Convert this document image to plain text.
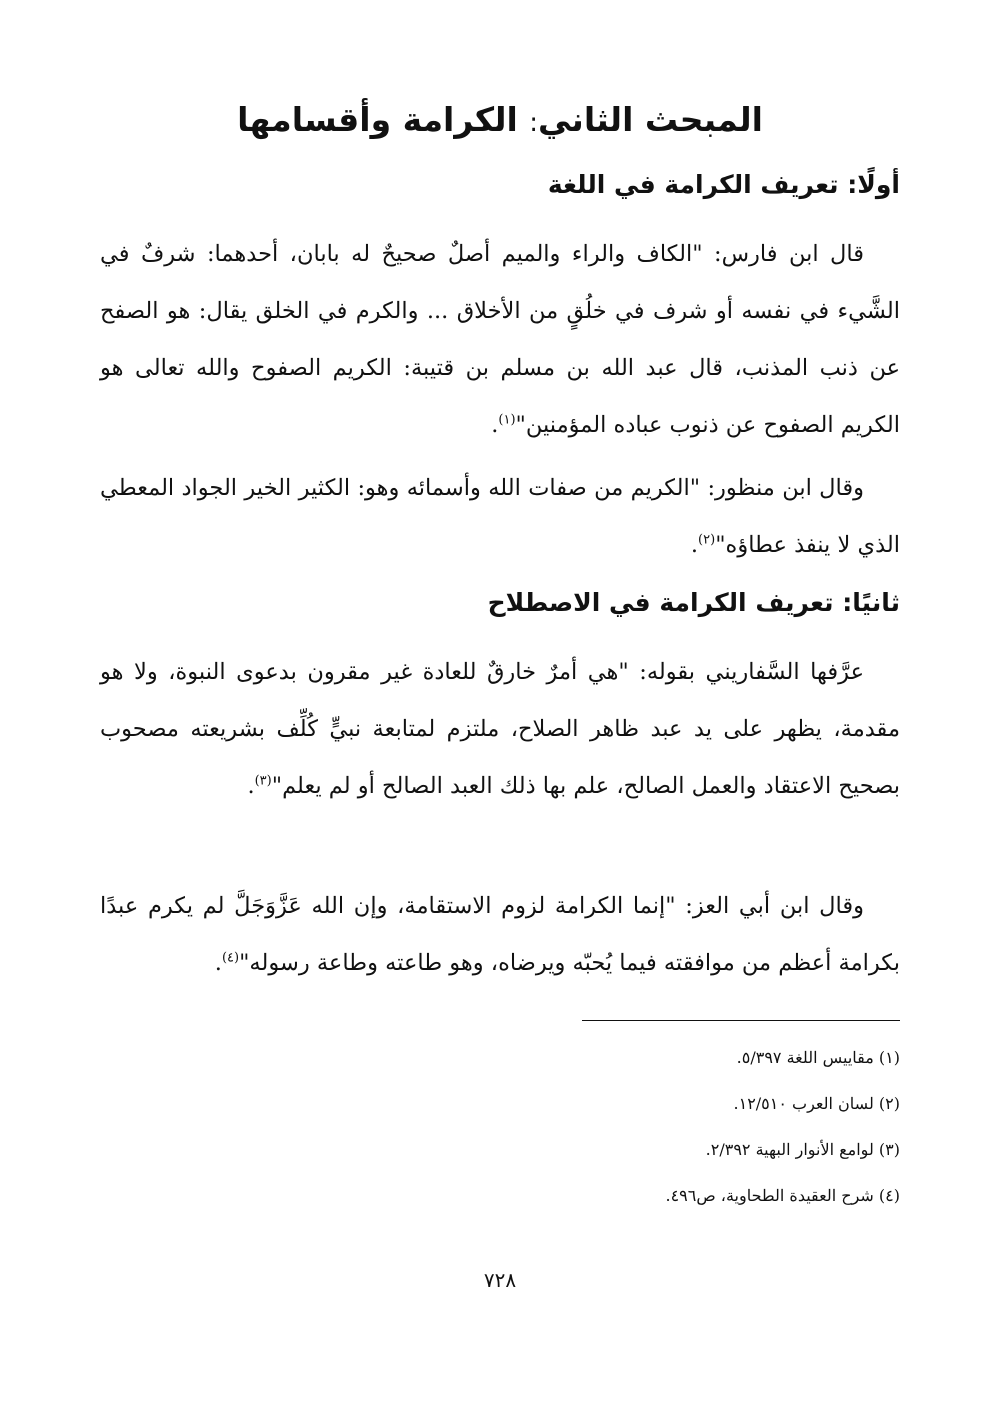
المبحث الثاني: الكرامة وأقسامها
أولًا: تعريف الكرامة في اللغة

قال ابن فارس: "الكاف والراء والميم أصلٌ صحيحٌ له بابان، أحدهما: شرفٌ في الشَّيء في نفسه أو شرف في خلُقٍ من الأخلاق ... والكرم في الخلق يقال: هو الصفح عن ذنب المذنب، قال عبد الله بن مسلم بن قتيبة: الكريم الصفوح والله تعالى هو الكريم الصفوح عن ذنوب عباده المؤمنين"$^{(١)}$.

وقال ابن منظور: "الكريم من صفات الله وأسمائه وهو: الكثير الخير الجواد المعطي الذي لا ينفذ عطاؤه"$^{(٢)}$.

ثانيًا: تعريف الكرامة في الاصطلاح

عرَّفها السَّفاريني بقوله: "هي أمرٌ خارقٌ للعادة غير مقرون بدعوى النبوة، ولا هو مقدمة، يظهر على يد عبد ظاهر الصلاح، ملتزم لمتابعة نبيٍّ كُلِّف بشريعته مصحوب بصحيح الاعتقاد والعمل الصالح، علم بها ذلك العبد الصالح أو لم يعلم"$^{(٣)}$.

وقال ابن أبي العز: "إنما الكرامة لزوم الاستقامة، وإن الله عَزَّوَجَلَّ لم يكرم عبدًا بكرامة أعظم من موافقته فيما يُحبّه ويرضاه، وهو طاعته وطاعة رسوله"$^{(٤)}$.

(١) مقاييس اللغة ٥/٣٩٧.
(٢) لسان العرب ١٢/٥١٠.
(٣) لوامع الأنوار البهية ٢/٣٩٢.
(٤) شرح العقيدة الطحاوية، ص٤٩٦.
٧٢٨
